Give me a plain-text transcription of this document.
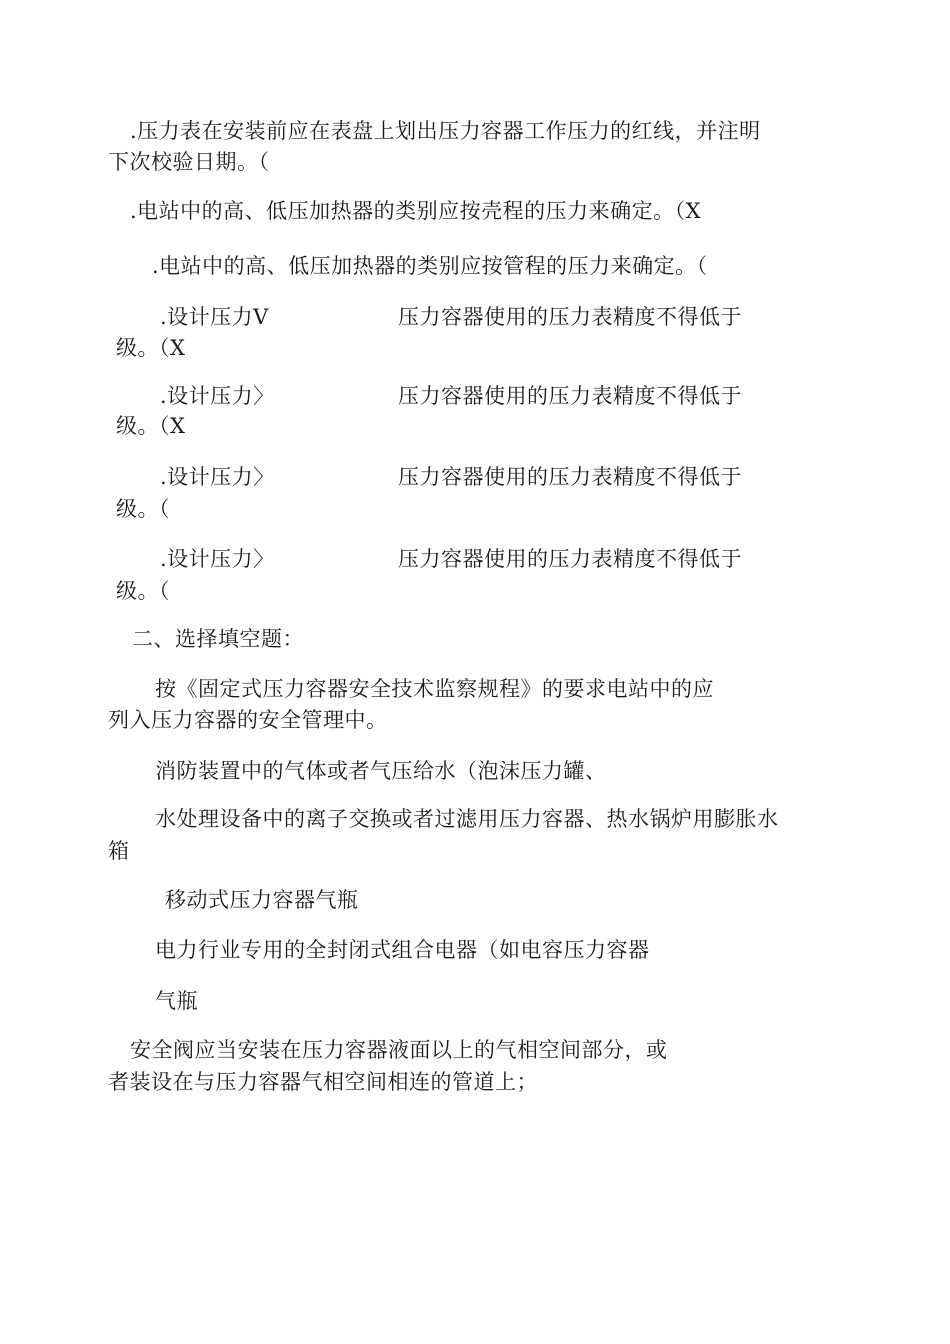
.压力表在安装前应在表盘上划出压力容器工作压力的红线，并注明
下次校验日期。（
.电站中的高、低压加热器的类别应按壳程的压力来确定。（X
.电站中的高、低压加热器的类别应按管程的压力来确定。（
.设计压力V	压力容器使用的压力表精度不得低于
级。（X
.设计压力〉	压力容器使用的压力表精度不得低于
级。（X
.设计压力〉	压力容器使用的压力表精度不得低于
级。（
.设计压力〉	压力容器使用的压力表精度不得低于
级。（
二、选择填空题：
按《固定式压力容器安全技术监察规程》的要求电站中的应
列入压力容器的安全管理中。
消防装置中的气体或者气压给水（泡沫压力罐、
水处理设备中的离子交换或者过滤用压力容器、热水锅炉用膨胀水
箱
移动式压力容器气瓶
电力行业专用的全封闭式组合电器（如电容压力容器
气瓶
安全阀应当安装在压力容器液面以上的气相空间部分，或
者装设在与压力容器气相空间相连的管道上；
